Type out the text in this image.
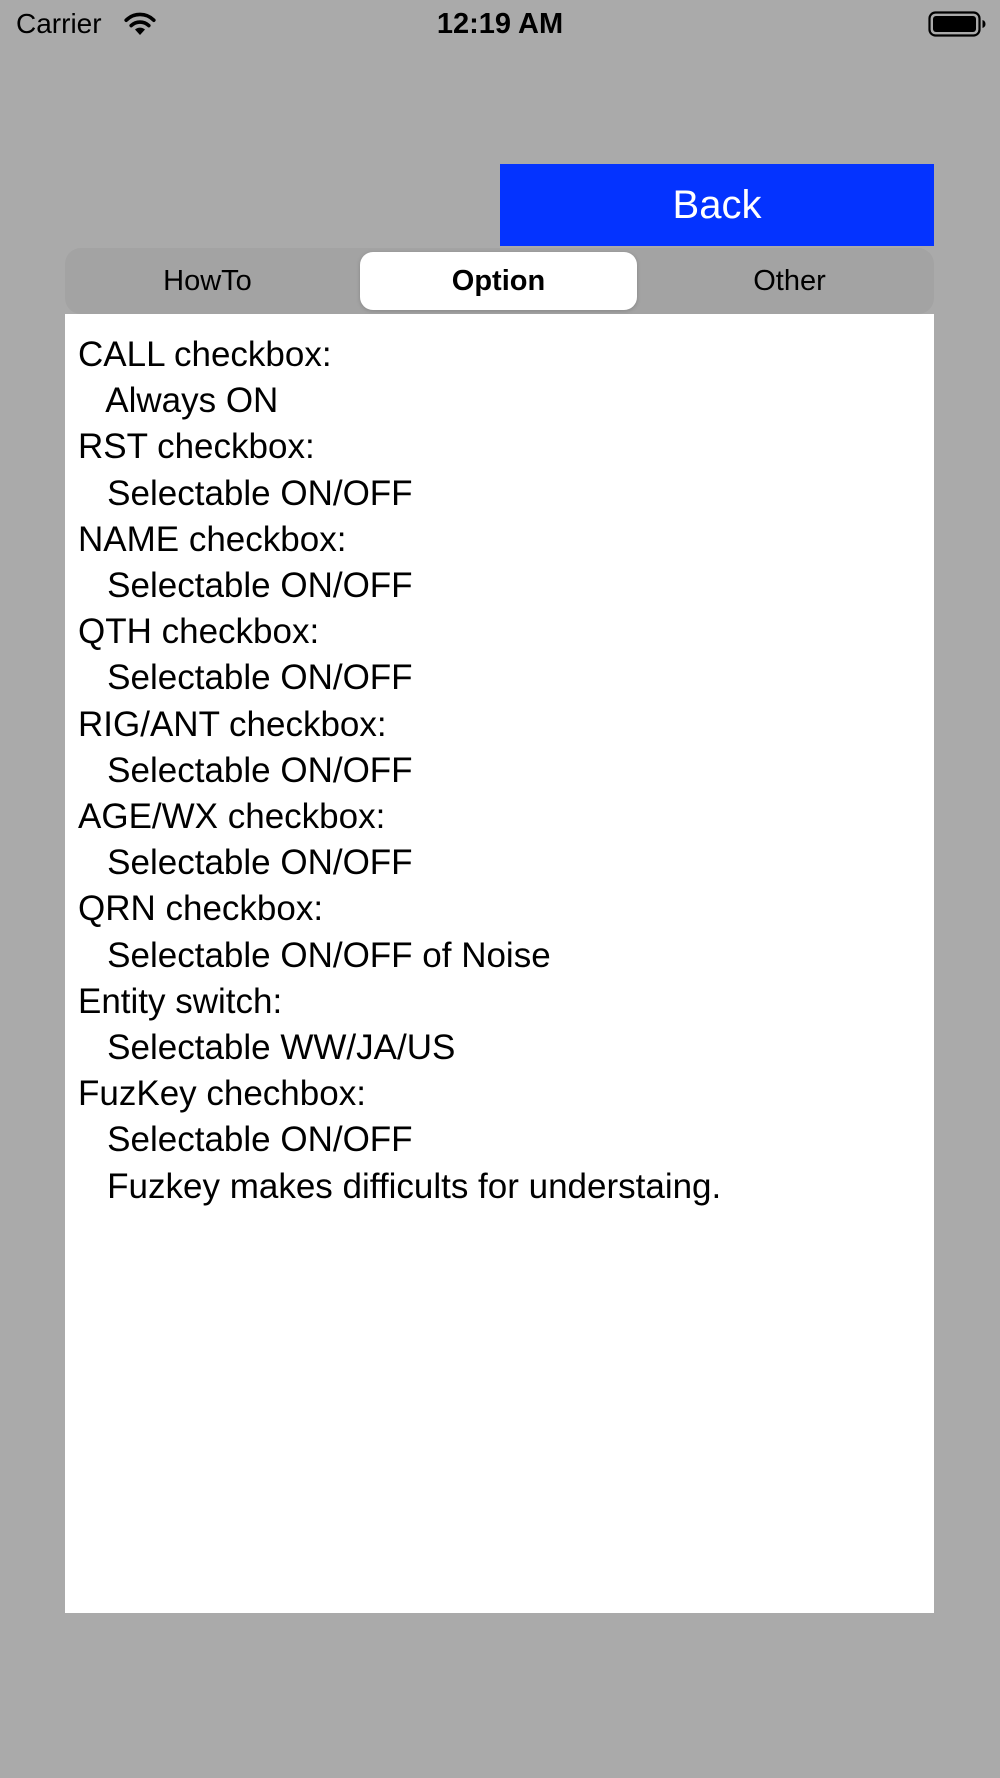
Carrier	12:19 AM
Back
HowTo	Option	Other
CALL checkbox:
Always ON
RST checkbox:
Selectable ON/OFF
NAME checkbox:
Selectable ON/OFF
QTH checkbox:
Selectable ON/OFF
RIG/ANT checkbox:
Selectable ON/OFF
AGE/WX checkbox:
Selectable ON/OFF
QRN checkbox:
Selectable ON/OFF of Noise
Entity switch:
Selectable WW/JA/US
FuzKey chechbox:
Selectable ON/OFF
Fuzkey makes difficults for understaing.
